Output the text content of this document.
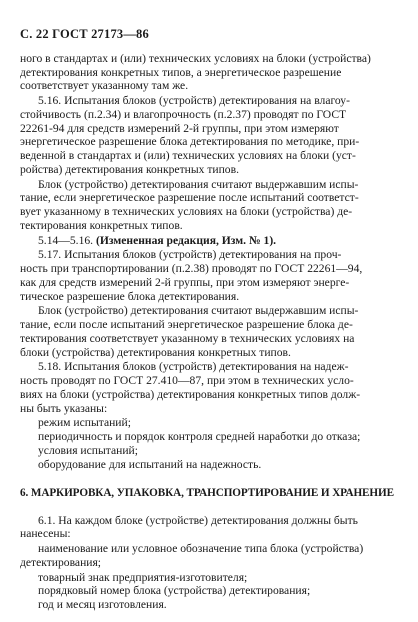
С. 22 ГОСТ 27173—86
ного в стандартах и (или) технических условиях на блоки (устройства)
детектирования конкретных типов, а энергетическое разрешение
соответствует указанному там же.
5.16. Испытания блоков (устройств) детектирования на влагоу-
стойчивость (п.2.34) и влагопрочность (п.2.37) проводят по ГОСТ
22261-94 для средств измерений 2-й группы, при этом измеряют
энергетическое разрешение блока детектирования по методике, при-
веденной в стандартах и (или) технических условиях на блоки (уст-
ройства) детектирования конкретных типов.
Блок (устройство) детектирования считают выдержавшим испы-
тание, если энергетическое разрешение после испытаний соответст-
вует указанному в технических условиях на блоки (устройства) де-
тектирования конкретных типов.
5.14—5.16. (Измененная редакция, Изм. № 1).
5.17. Испытания блоков (устройств) детектирования на проч-
ность при транспортировании (п.2.38) проводят по ГОСТ 22261—94,
как для средств измерений 2-й группы, при этом измеряют энерге-
тическое разрешение блока детектирования.
Блок (устройство) детектирования считают выдержавшим испы-
тание, если после испытаний энергетическое разрешение блока де-
тектирования соответствует указанному в технических условиях на
блоки (устройства) детектирования конкретных типов.
5.18. Испытания блоков (устройств) детектирования на надеж-
ность проводят по ГОСТ 27.410—87, при этом в технических усло-
виях на блоки (устройства) детектирования конкретных типов долж-
ны быть указаны:
режим испытаний;
периодичность и порядок контроля средней наработки до отказа;
условия испытаний;
оборудование для испытаний на надежность.
6. МАРКИРОВКА, УПАКОВКА, ТРАНСПОРТИРОВАНИЕ И ХРАНЕНИЕ
6.1. На каждом блоке (устройстве) детектирования должны быть
нанесены:
наименование или условное обозначение типа блока (устройства)
детектирования;
товарный знак предприятия-изготовителя;
порядковый номер блока (устройства) детектирования;
год и месяц изготовления.
